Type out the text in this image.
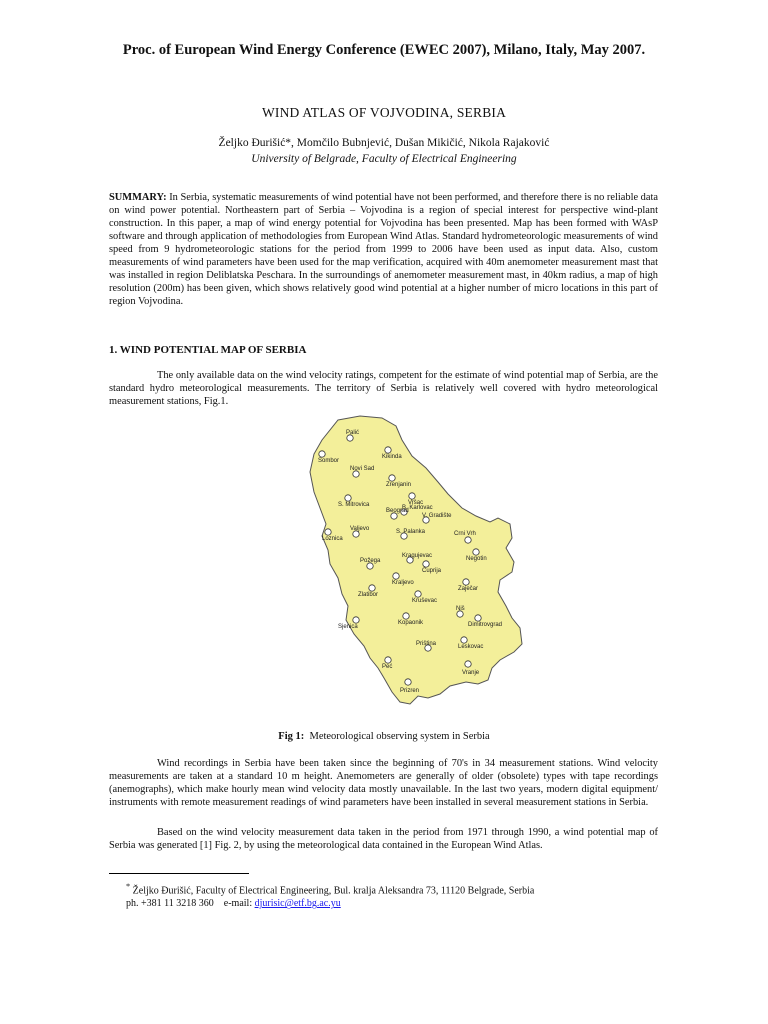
Proc. of European Wind Energy Conference (EWEC 2007), Milano, Italy, May 2007.
WIND ATLAS OF VOJVODINA, SERBIA
Željko Đurišić*, Momčilo Bubnjević, Dušan Mikičić, Nikola Rajaković
University of Belgrade, Faculty of Electrical Engineering
SUMMARY: In Serbia, systematic measurements of wind potential have not been performed, and therefore there is no reliable data on wind power potential. Northeastern part of Serbia – Vojvodina is a region of special interest for perspective wind-plant construction. In this paper, a map of wind energy potential for Vojvodina has been presented. Map has been formed with WAsP software and through application of methodologies from European Wind Atlas. Standard hydrometeorologic measurements of wind speed from 9 hydrometeorologic stations for the period from 1999 to 2006 have been used as input data. Also, custom measurements of wind parameters have been used for the map verification, acquired with 40m anemometer measurement mast that was installed in region Deliblatska Peschara. In the surroundings of anemometer measurement mast, in 40km radius, a map of high resolution (200m) has been given, which shows relatively good wind potential at a higher number of micro locations in this part of region Vojvodina.
1. WIND POTENTIAL MAP OF SERBIA
The only available data on the wind velocity ratings, competent for the estimate of wind potential map of Serbia, are the standard hydro meteorological measurements. The territory of Serbia is relatively well covered with hydro meteorological measurement stations, Fig.1.
Palić
Sombor
Kikinda
Novi Sad
Zrenjanin
Vršac
S. Mitrovica	B. Karlovac
Beograd
V. Gradište
Loznica
Valjevo	S. Palanka	Crni Vrh
Negotin
Kragujevac
Požega
Ćuprija
Kraljevo
Zaječar
Zlatibor
Kruševac
Sjenica
Kopaonik
Niš
Dimitrovgrad
Leskovac
Priština
Peć
Vranje
Prizren
Fig 1: Meteorological observing system in Serbia
Wind recordings in Serbia have been taken since the beginning of 70's in 34 measurement stations. Wind velocity measurements are taken at a standard 10 m height. Anemometers are generally of older (obsolete) types with tape recordings (anemographs), which make hourly mean wind velocity data mostly unavailable. In the last two years, modern digital equipment/ instruments with remote measurement readings of wind parameters have been installed in several measurement stations in Serbia.
Based on the wind velocity measurement data taken in the period from 1971 through 1990, a wind potential map of Serbia was generated [1] Fig. 2, by using the meteorological data contained in the European Wind Atlas.
* Željko Đurišić, Faculty of Electrical Engineering, Bul. kralja Aleksandra 73, 11120 Belgrade, Serbia
ph. +381 11 3218 360 e-mail: djurisic@etf.bg.ac.yu
